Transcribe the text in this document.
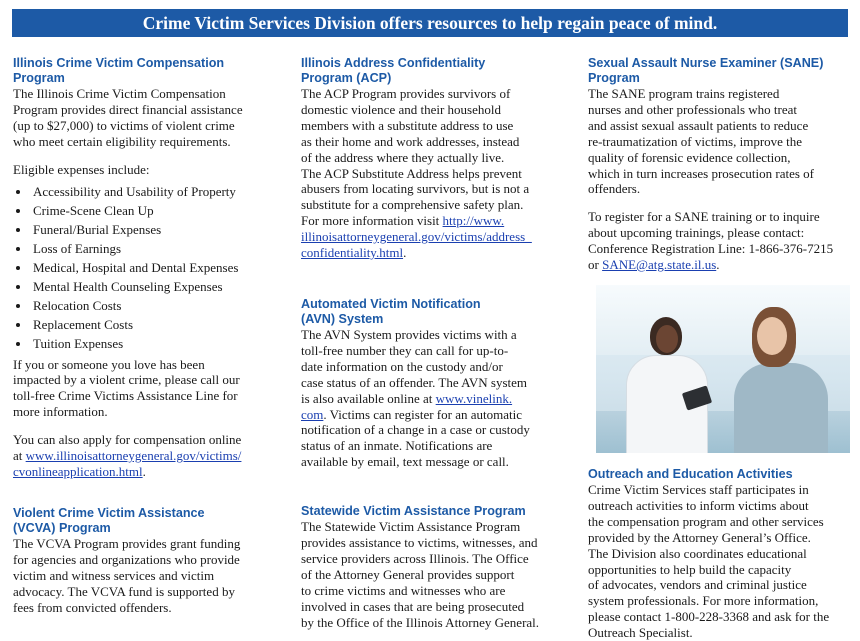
Crime Victim Services Division offers resources to help regain peace of mind.
Illinois Crime Victim Compensation
Program

The Illinois Crime Victim Compensation
Program provides direct financial assistance
(up to $27,000) to victims of violent crime
who meet certain eligibility requirements.

Eligible expenses include:

Accessibility and Usability of Property
Crime-Scene Clean Up
Funeral/Burial Expenses
Loss of Earnings
Medical, Hospital and Dental Expenses
Mental Health Counseling Expenses
Relocation Costs
Replacement Costs
Tuition Expenses

If you or someone you love has been
impacted by a violent crime, please call our
toll-free Crime Victims Assistance Line for
more information.

You can also apply for compensation online
at www.illinoisattorneygeneral.gov/victims/
cvonlineapplication.html.

Violent Crime Victim Assistance
(VCVA) Program

The VCVA Program provides grant funding
for agencies and organizations who provide
victim and witness services and victim
advocacy. The VCVA fund is supported by
fees from convicted offenders.

Illinois Address Confidentiality
Program (ACP)

The ACP Program provides survivors of
domestic violence and their household
members with a substitute address to use
as their home and work addresses, instead
of the address where they actually live.
The ACP Substitute Address helps prevent
abusers from locating survivors, but is not a
substitute for a comprehensive safety plan.
For more information visit http://www.
illinoisattorneygeneral.gov/victims/address_
confidentiality.html.

Automated Victim Notification
(AVN) System

The AVN System provides victims with a
toll-free number they can call for up-to-
date information on the custody and/or
case status of an offender. The AVN system
is also available online at www.vinelink.
com. Victims can register for an automatic
notification of a change in a case or custody
status of an inmate. Notifications are
available by email, text message or call.

Statewide Victim Assistance Program

The Statewide Victim Assistance Program
provides assistance to victims, witnesses, and
service providers across Illinois. The Office
of the Attorney General provides support
to crime victims and witnesses who are
involved in cases that are being prosecuted
by the Office of the Illinois Attorney General.

Sexual Assault Nurse Examiner (SANE)
Program

The SANE program trains registered
nurses and other professionals who treat
and assist sexual assault patients to reduce
re-traumatization of victims, improve the
quality of forensic evidence collection,
which in turn increases prosecution rates of
offenders.

To register for a SANE training or to inquire
about upcoming trainings, please contact:
Conference Registration Line: 1-866-376-7215
or SANE@atg.state.il.us.

Outreach and Education Activities

Crime Victim Services staff participates in
outreach activities to inform victims about
the compensation program and other services
provided by the Attorney General’s Office.
The Division also coordinates educational
opportunities to help build the capacity
of advocates, vendors and criminal justice
system professionals. For more information,
please contact 1-800-228-3368 and ask for the
Outreach Specialist.
